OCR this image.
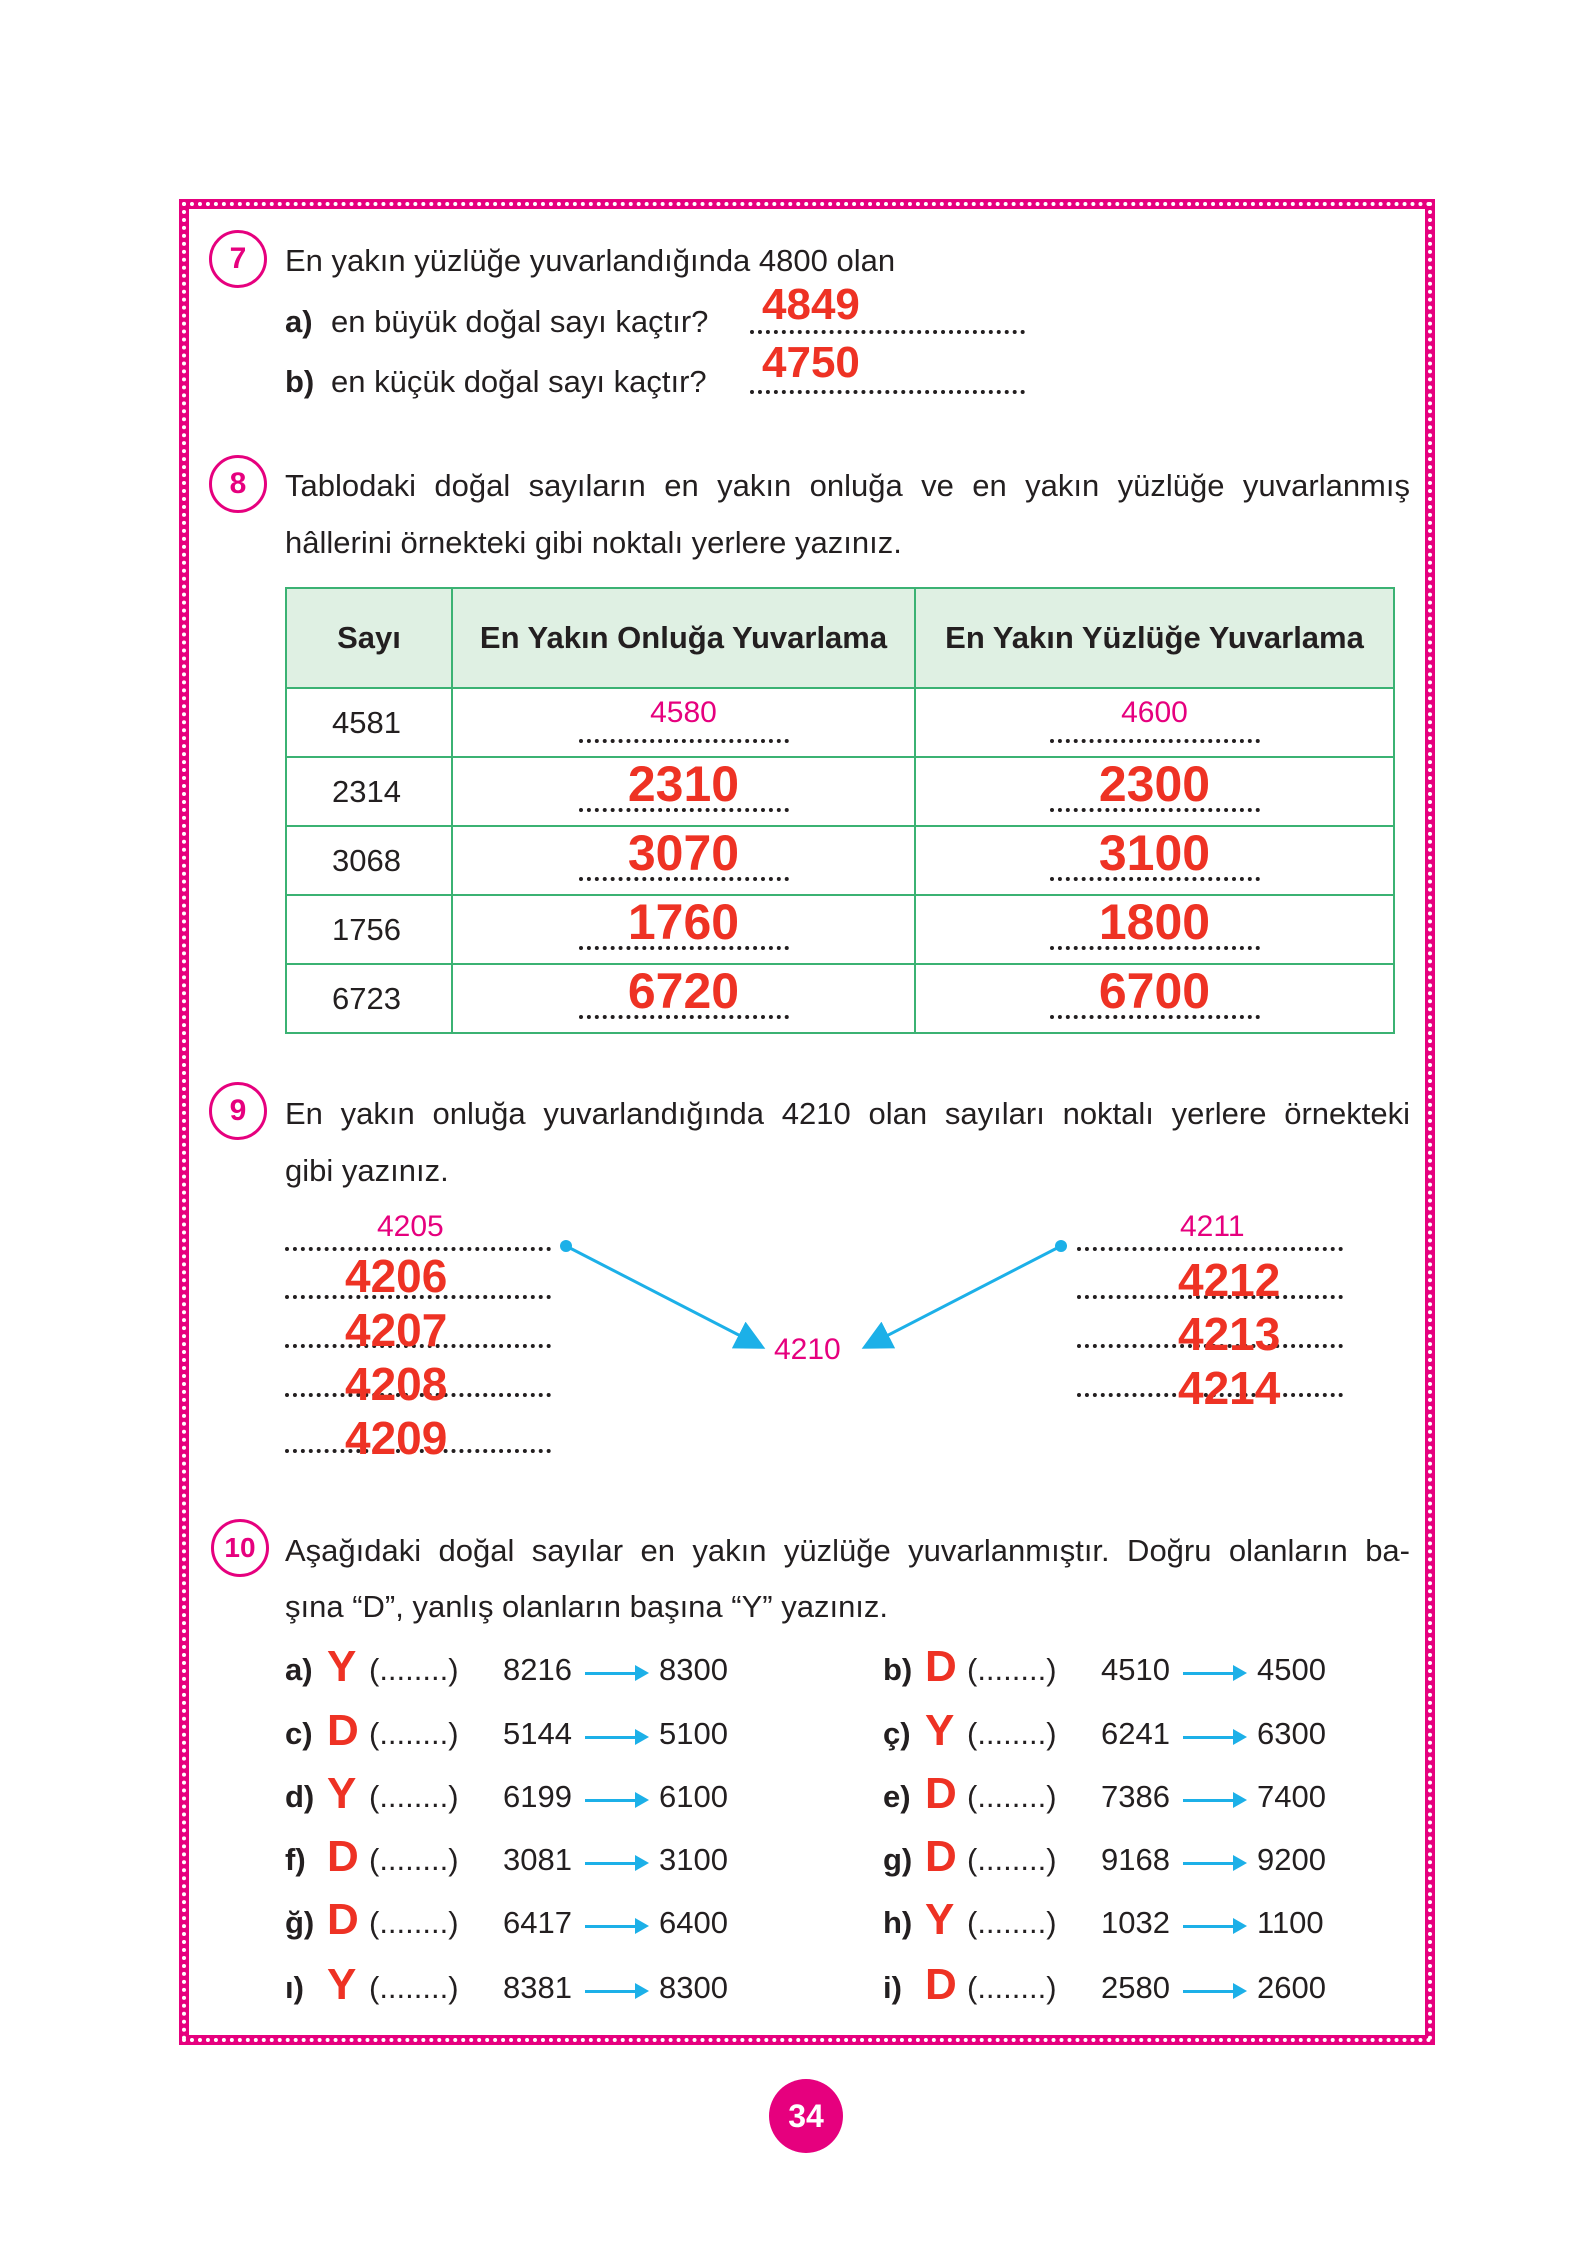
7	En yakın yüzlüğe yuvarlandığında 4800 olan
a) en büyük doğal sayı kaçtır? 4849
b) en küçük doğal sayı kaçtır? 4750
8	Tablodaki doğal sayıların en yakın onluğa ve en yakın yüzlüğe yuvarlanmış
hâllerini örnekteki gibi noktalı yerlere yazınız.
Sayı	En Yakın Onluğa Yuvarlama	En Yakın Yüzlüğe Yuvarlama
4581	4580	4600

2314	2310	2300

3068	3070	3100

1756	1760	1800

6723	6720	6700
9	En yakın onluğa yuvarlandığında 4210 olan sayıları noktalı yerlere örnekteki
gibi yazınız.
4210
4205
4206
4207
4208
4209
4211
4212
4213
4214
10 Aşağıdaki doğal sayılar en yakın yüzlüğe yuvarlanmıştır. Doğru olanların ba-
şına “D”, yanlış olanların başına “Y” yazınız.
a) Y (........) 8216	8300
c) D (........) 5144	5100
d) Y (........) 6199	6100
f) D (........) 3081	3100
ğ) D (........) 6417	6400
ı) Y (........) 8381	8300
b) D (........) 4510	4500
ç) Y (........) 6241	6300
e) D (........) 7386	7400
g) D (........) 9168	9200
h) Y (........) 1032	1100
i) D (........) 2580	2600
34
